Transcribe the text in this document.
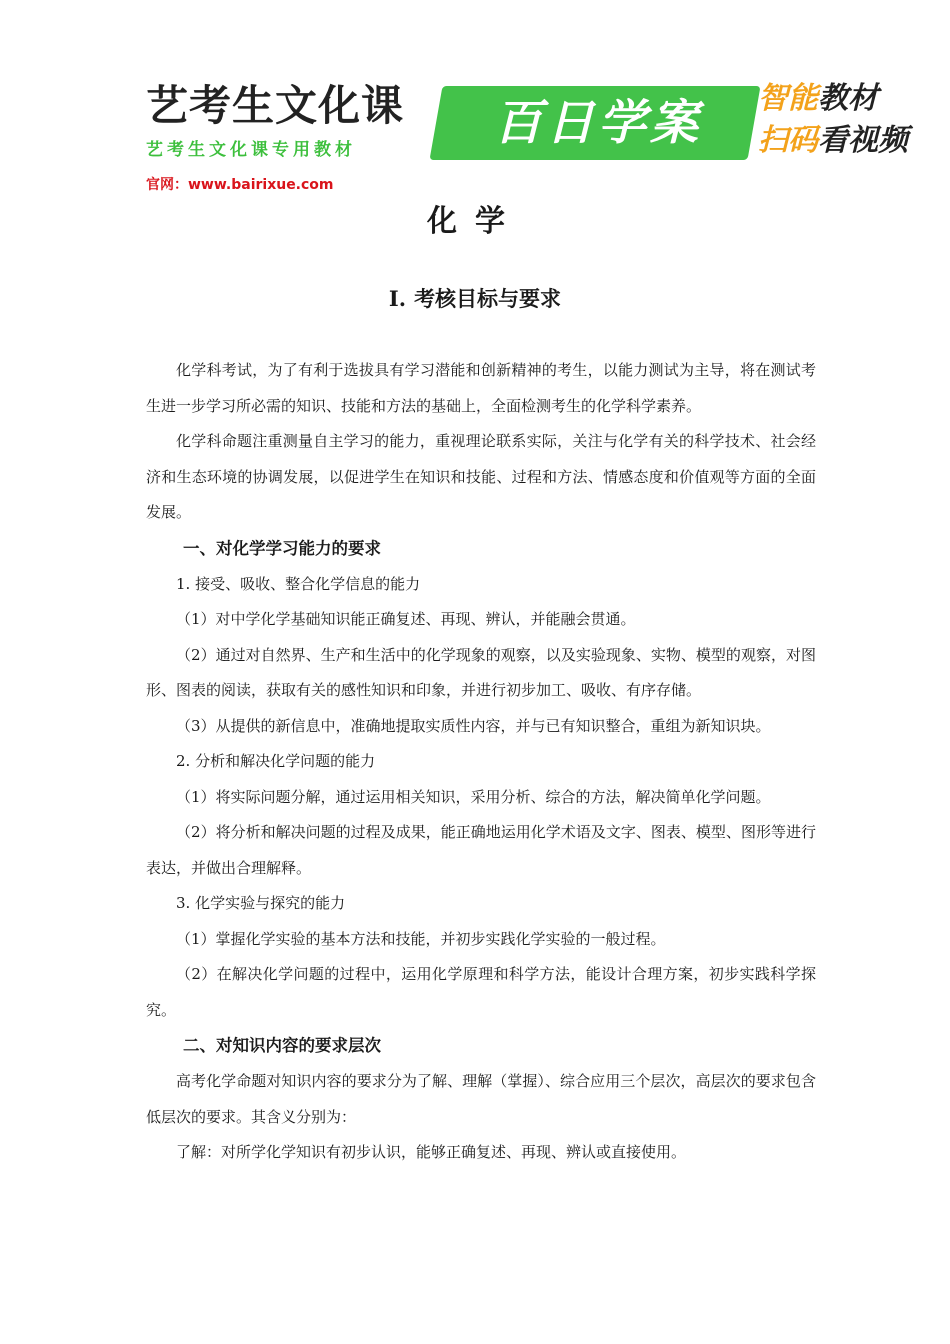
艺考生文化课
艺考生文化课专用教材	百日学案	智能教材
扫码看视频
官网：www.bairixue.com
化学
I. 考核目标与要求

化学科考试，为了有利于选拔具有学习潜能和创新精神的考生，以能力测试为主导，将在测试考生进一步学习所必需的知识、技能和方法的基础上，全面检测考生的化学科学素养。

化学科命题注重测量自主学习的能力，重视理论联系实际，关注与化学有关的科学技术、社会经济和生态环境的协调发展，以促进学生在知识和技能、过程和方法、情感态度和价值观等方面的全面发展。

一、对化学学习能力的要求

1. 接受、吸收、整合化学信息的能力

（1）对中学化学基础知识能正确复述、再现、辨认，并能融会贯通。

（2）通过对自然界、生产和生活中的化学现象的观察，以及实验现象、实物、模型的观察，对图形、图表的阅读，获取有关的感性知识和印象，并进行初步加工、吸收、有序存储。

（3）从提供的新信息中，准确地提取实质性内容，并与已有知识整合，重组为新知识块。

2. 分析和解决化学问题的能力

（1）将实际问题分解，通过运用相关知识，采用分析、综合的方法，解决简单化学问题。

（2）将分析和解决问题的过程及成果，能正确地运用化学术语及文字、图表、模型、图形等进行表达，并做出合理解释。

3. 化学实验与探究的能力

（1）掌握化学实验的基本方法和技能，并初步实践化学实验的一般过程。

（2）在解决化学问题的过程中，运用化学原理和科学方法，能设计合理方案，初步实践科学探究。

二、对知识内容的要求层次

高考化学命题对知识内容的要求分为了解、理解（掌握）、综合应用三个层次，高层次的要求包含低层次的要求。其含义分别为：

了解：对所学化学知识有初步认识，能够正确复述、再现、辨认或直接使用。
